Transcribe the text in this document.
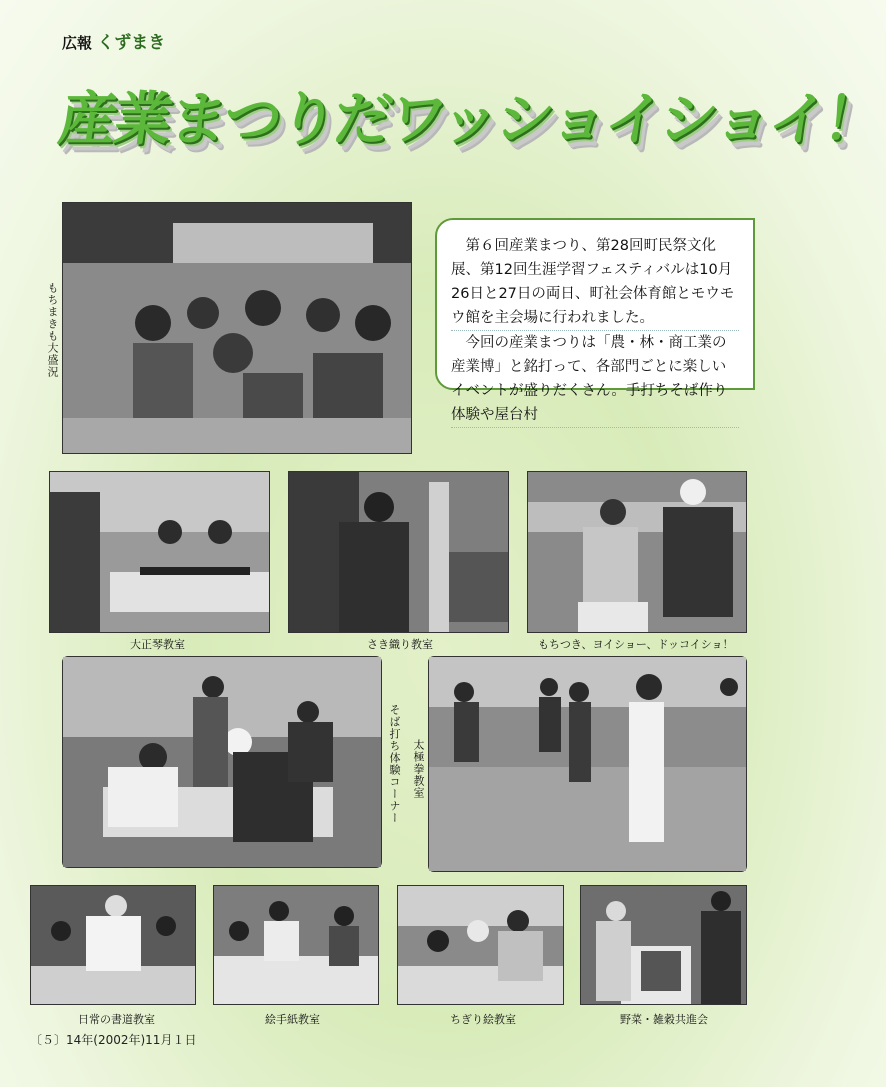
広報 くずまき
産業まつりだワッショイショイ！
もちまきも大盛況

第６回産業まつり、第28回町民祭文化展、第12回生涯学習フェスティバルは10月26日と27日の両日、町社会体育館とモウモウ館を主会場に行われました。

今回の産業まつりは「農・林・商工業の産業博」と銘打って、各部門ごとに楽しいイベントが盛りだくさん。手打ちそば作り体験や屋台村

大正琴教室	さき織り教室	もちつき、ヨイショー、ドッコイショ！
そば打ち体験コーナー 太極拳教室
日常の書道教室	絵手紙教室	ちぎり絵教室	野菜・雑穀共進会
〔５〕14年(2002年)11月１日
